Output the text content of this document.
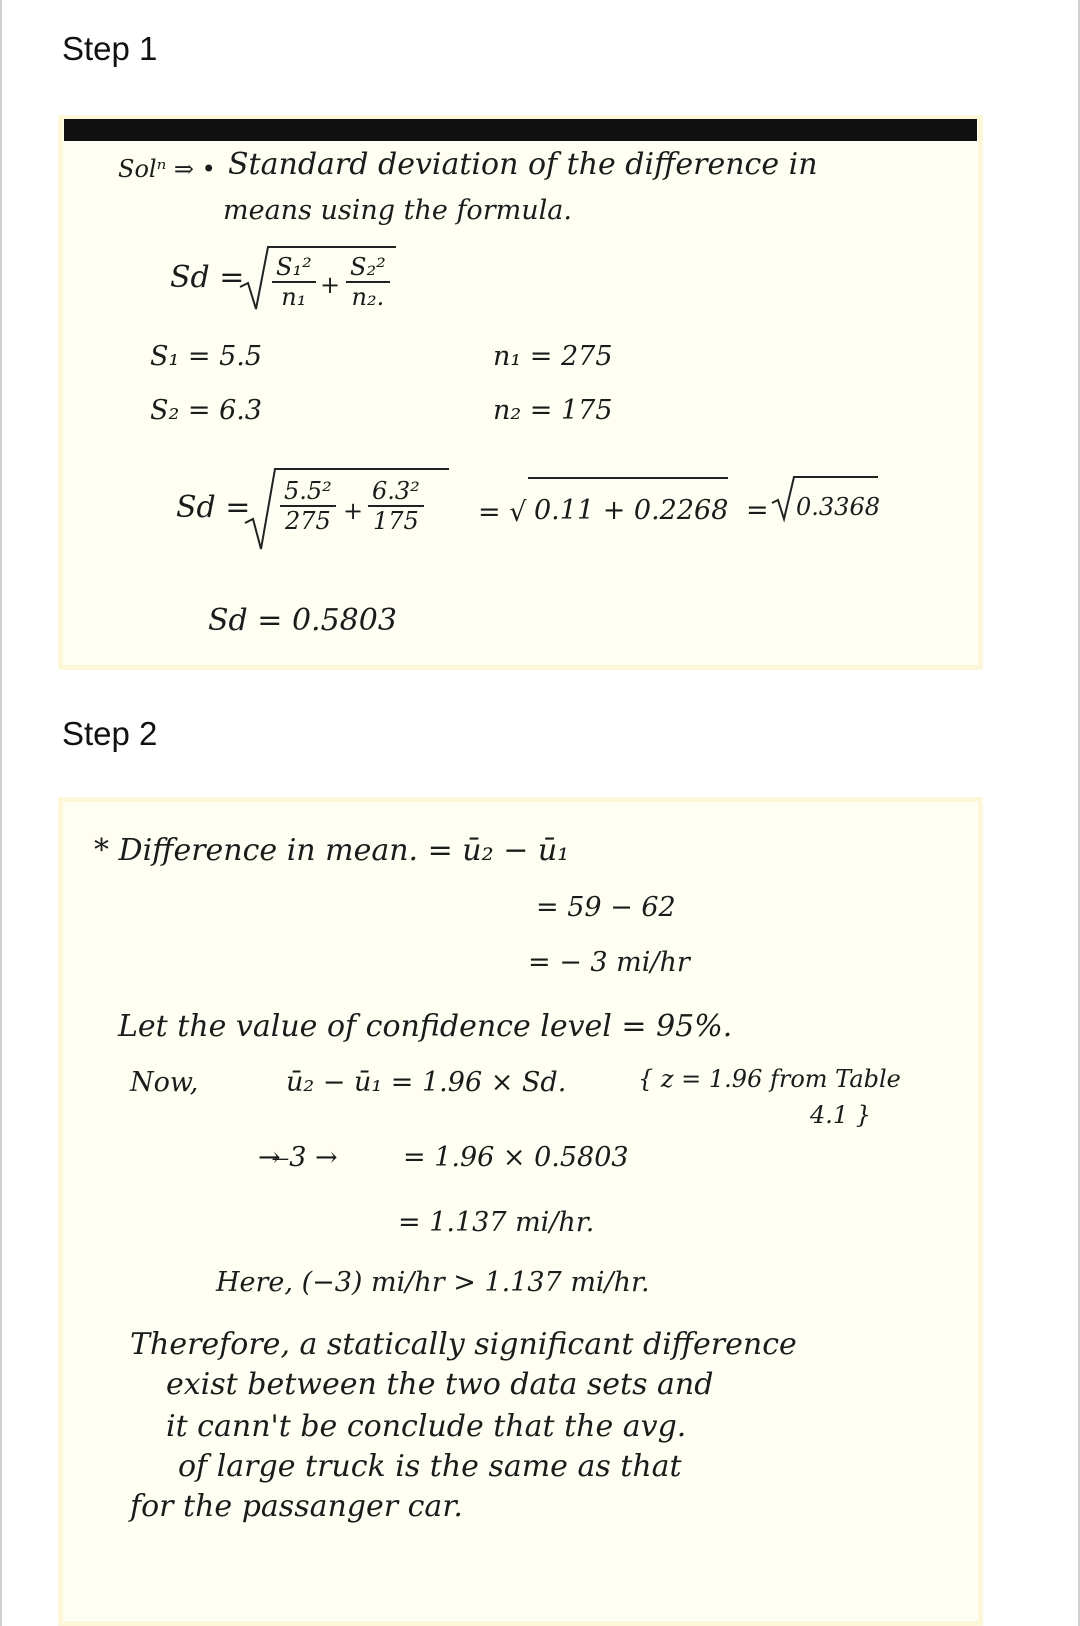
Step 1
Solⁿ ⇒ • Standard deviation of the difference in
means using the formula.
$Sd = \frac{\text{S₁²}}{\text{n₁}} + \frac{\text{S₂²}}{\text{n₂.}}$
S₁ = 5.5
S₂ = 6.3
n₁ = 275
n₂ = 175
$Sd = \frac{\text{5.5²}}{275} + \frac{\text{6.3²}}{175}$ = √ 0.11 + 0.2268 = 0.3368
Sd = 0.5803
Step 2
* Difference in mean. = ū₂ − ū₁
= 59 − 62
= − 3 mi/hr
Let the value of confidence level = 95%.
Now,	ū₂ − ū₁ = 1.96 × Sd.	{ z = 1.96 from Table
4.1 }
→ ̶3 → = 1.96 × 0.5803
= 1.137 mi/hr.
Here, (−3) mi/hr > 1.137 mi/hr.
Therefore, a statically significant difference
exist between the two data sets and
it cann't be conclude that the avg.
of large truck is the same as that
for the passanger car.
